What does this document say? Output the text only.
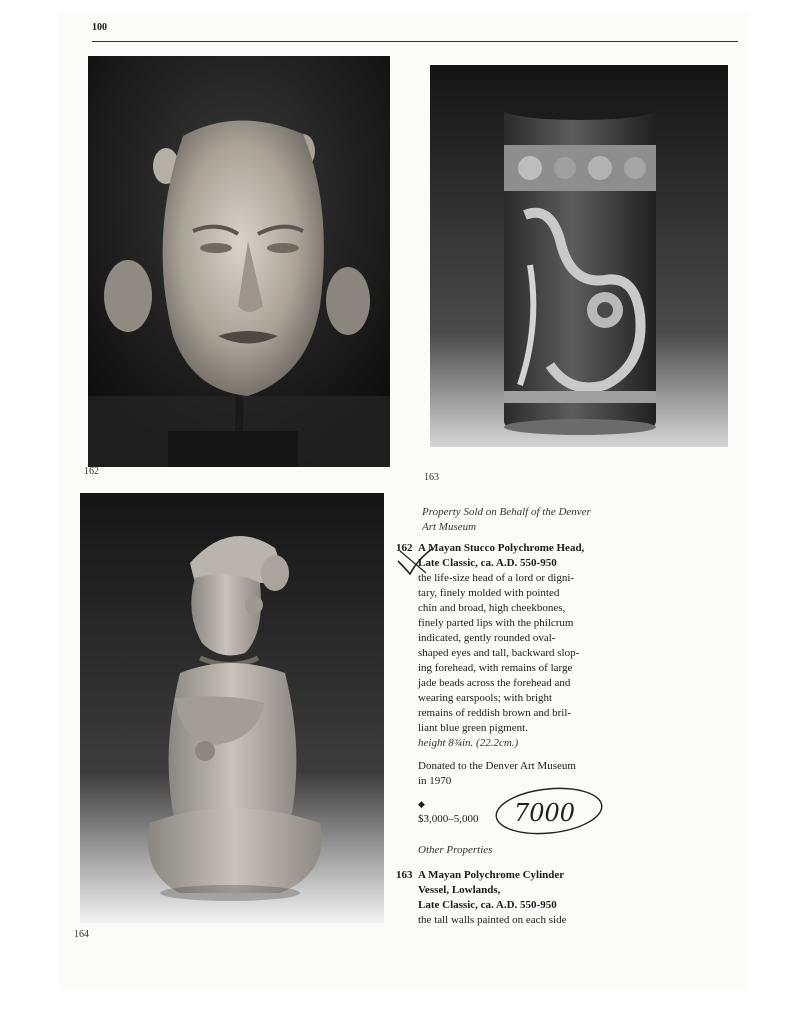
100
162
163
164
Property Sold on Behalf of the Denver
Art Museum
162 A Mayan Stucco Polychrome Head,
Late Classic, ca. A.D. 550-950
the life-size head of a lord or digni-
tary, finely molded with pointed
chin and broad, high cheekbones,
finely parted lips with the philcrum
indicated, gently rounded oval-
shaped eyes and tall, backward slop-
ing forehead, with remains of large
jade beads across the forehead and
wearing earspools; with bright
remains of reddish brown and bril-
liant blue green pigment.
height 8¾in. (22.2cm.)
Donated to the Denver Art Museum
in 1970
◆
$3,000–5,000
Other Properties
163 A Mayan Polychrome Cylinder
Vessel, Lowlands,
Late Classic, ca. A.D. 550-950
the tall walls painted on each side
7000
